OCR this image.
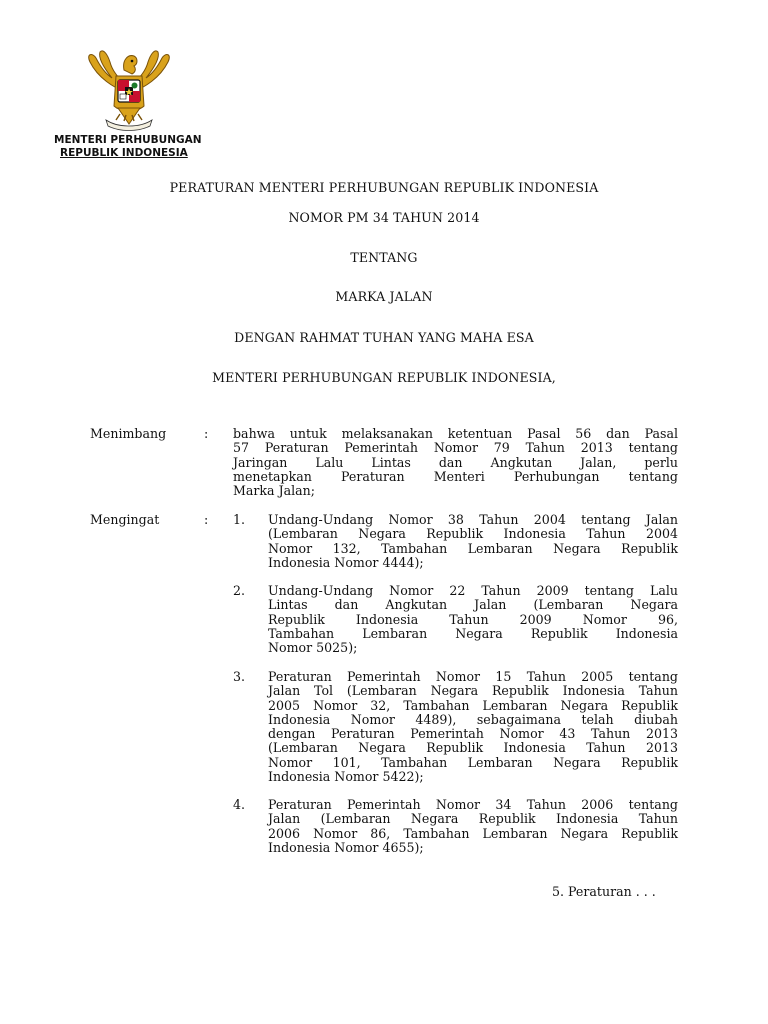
MENTERI PERHUBUNGAN
REPUBLIK INDONESIA
PERATURAN MENTERI PERHUBUNGAN REPUBLIK INDONESIA
NOMOR PM 34 TAHUN 2014
TENTANG
MARKA JALAN
DENGAN RAHMAT TUHAN YANG MAHA ESA
MENTERI PERHUBUNGAN REPUBLIK INDONESIA,
Menimbang	: bahwa untuk melaksanakan ketentuan Pasal 56 dan Pasal
57 Peraturan Pemerintah Nomor 79 Tahun 2013 tentang
Jaringan Lalu Lintas dan Angkutan Jalan, perlu
menetapkan Peraturan Menteri Perhubungan tentang
Marka Jalan;
Mengingat	: 1. Undang-Undang Nomor 38 Tahun 2004 tentang Jalan
(Lembaran Negara Republik Indonesia Tahun 2004
Nomor 132, Tambahan Lembaran Negara Republik
Indonesia Nomor 4444);
2. Undang-Undang Nomor 22 Tahun 2009 tentang Lalu
Lintas dan Angkutan Jalan (Lembaran Negara
Republik Indonesia Tahun 2009 Nomor 96,
Tambahan Lembaran Negara Republik Indonesia
Nomor 5025);
3. Peraturan Pemerintah Nomor 15 Tahun 2005 tentang
Jalan Tol (Lembaran Negara Republik Indonesia Tahun
2005 Nomor 32, Tambahan Lembaran Negara Republik
Indonesia Nomor 4489), sebagaimana telah diubah
dengan Peraturan Pemerintah Nomor 43 Tahun 2013
(Lembaran Negara Republik Indonesia Tahun 2013
Nomor 101, Tambahan Lembaran Negara Republik
Indonesia Nomor 5422);
4. Peraturan Pemerintah Nomor 34 Tahun 2006 tentang
Jalan (Lembaran Negara Republik Indonesia Tahun
2006 Nomor 86, Tambahan Lembaran Negara Republik
Indonesia Nomor 4655);
5. Peraturan . . .
